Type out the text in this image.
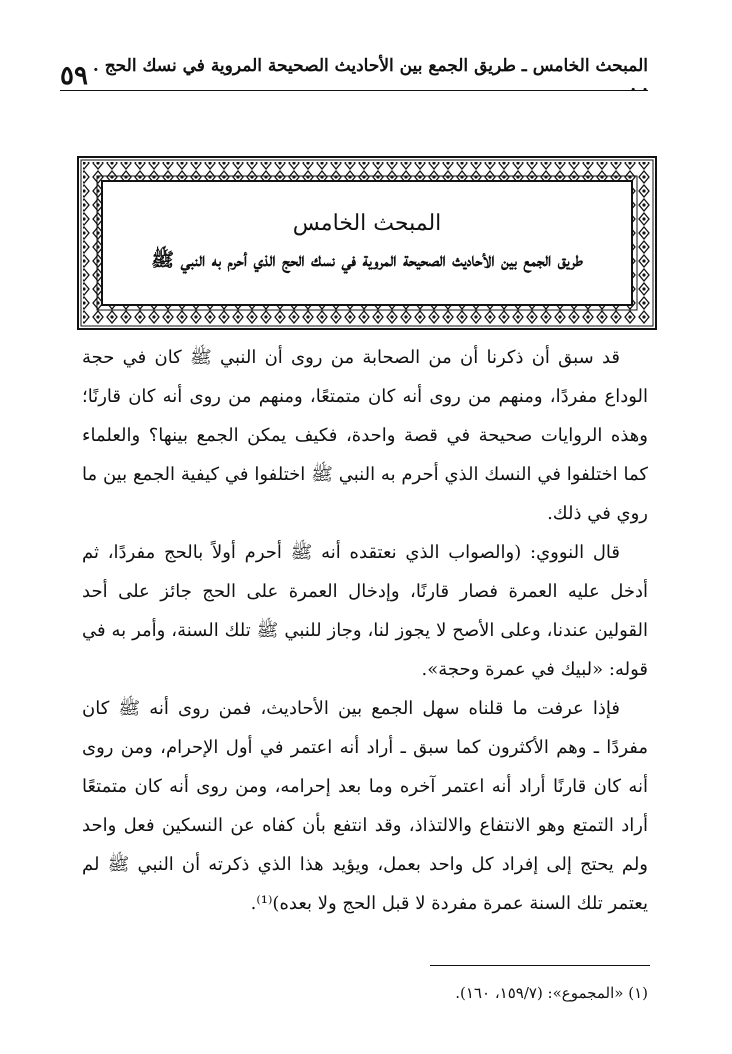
٥٩ المبحث الخامس ـ طريق الجمع بين الأحاديث الصحيحة المروية في نسك الحج . . .
المبحث الخامس
طريق الجمع بين الأحاديث الصحيحة المروية في نسك الحج الذي أحرم به النبي ﷺ

قد سبق أن ذكرنا أن من الصحابة من روى أن النبي ﷺ كان في حجة الوداع مفردًا، ومنهم من روى أنه كان متمتعًا، ومنهم من روى أنه كان قارنًا؛ وهذه الروايات صحيحة في قصة واحدة، فكيف يمكن الجمع بينها؟ والعلماء كما اختلفوا في النسك الذي أحرم به النبي ﷺ اختلفوا في كيفية الجمع بين ما روي في ذلك.

قال النووي: (والصواب الذي نعتقده أنه ﷺ أحرم أولاً بالحج مفردًا، ثم أدخل عليه العمرة فصار قارنًا، وإدخال العمرة على الحج جائز على أحد القولين عندنا، وعلى الأصح لا يجوز لنا، وجاز للنبي ﷺ تلك السنة، وأمر به في قوله: «لبيك في عمرة وحجة».

فإذا عرفت ما قلناه سهل الجمع بين الأحاديث، فمن روى أنه ﷺ كان مفردًا ـ وهم الأكثرون كما سبق ـ أراد أنه اعتمر في أول الإحرام، ومن روى أنه كان قارنًا أراد أنه اعتمر آخره وما بعد إحرامه، ومن روى أنه كان متمتعًا أراد التمتع وهو الانتفاع والالتذاذ، وقد انتفع بأن كفاه عن النسكين فعل واحد ولم يحتج إلى إفراد كل واحد بعمل، ويؤيد هذا الذي ذكرته أن النبي ﷺ لم يعتمر تلك السنة عمرة مفردة لا قبل الحج ولا بعده)⁽¹⁾.

(١) «المجموع»: (١٥٩/٧، ١٦٠).
